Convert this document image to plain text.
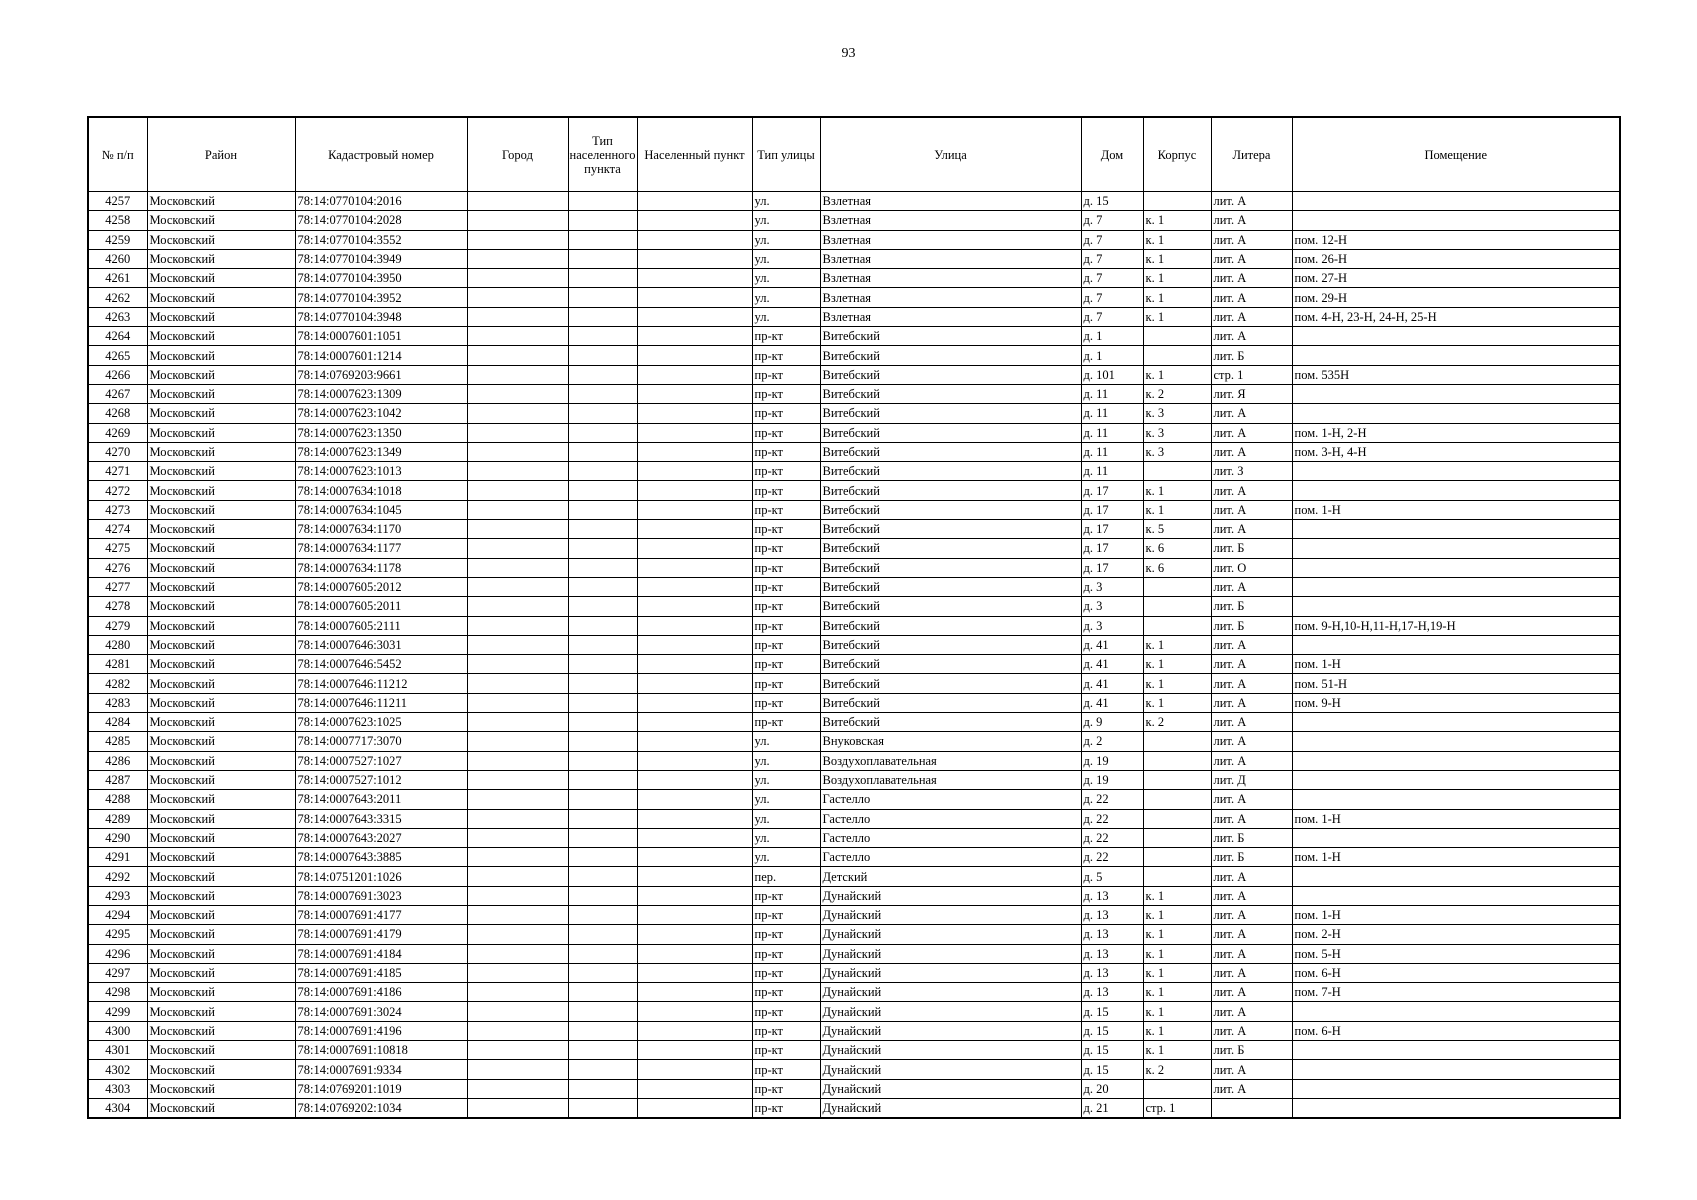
93
№ п/п	Район	Кадастровый номер	Город	Тип населенного пункта	Населенный пункт	Тип улицы	Улица	Дом	Корпус	Литера	Помещение
4257	Московский	78:14:0770104:2016				ул.	Взлетная	д. 15		лит. А	
4258	Московский	78:14:0770104:2028				ул.	Взлетная	д. 7	к. 1	лит. А	
4259	Московский	78:14:0770104:3552				ул.	Взлетная	д. 7	к. 1	лит. А	пом. 12-Н
4260	Московский	78:14:0770104:3949				ул.	Взлетная	д. 7	к. 1	лит. А	пом. 26-Н
4261	Московский	78:14:0770104:3950				ул.	Взлетная	д. 7	к. 1	лит. А	пом. 27-Н
4262	Московский	78:14:0770104:3952				ул.	Взлетная	д. 7	к. 1	лит. А	пом. 29-Н
4263	Московский	78:14:0770104:3948				ул.	Взлетная	д. 7	к. 1	лит. А	пом. 4-Н, 23-Н, 24-Н, 25-Н
4264	Московский	78:14:0007601:1051				пр-кт	Витебский	д. 1		лит. А	
4265	Московский	78:14:0007601:1214				пр-кт	Витебский	д. 1		лит. Б	
4266	Московский	78:14:0769203:9661				пр-кт	Витебский	д. 101	к. 1	стр. 1	пом. 535Н
4267	Московский	78:14:0007623:1309				пр-кт	Витебский	д. 11	к. 2	лит. Я	
4268	Московский	78:14:0007623:1042				пр-кт	Витебский	д. 11	к. 3	лит. А	
4269	Московский	78:14:0007623:1350				пр-кт	Витебский	д. 11	к. 3	лит. А	пом. 1-Н, 2-Н
4270	Московский	78:14:0007623:1349				пр-кт	Витебский	д. 11	к. 3	лит. А	пом. 3-Н, 4-Н
4271	Московский	78:14:0007623:1013				пр-кт	Витебский	д. 11		лит. З	
4272	Московский	78:14:0007634:1018				пр-кт	Витебский	д. 17	к. 1	лит. А	
4273	Московский	78:14:0007634:1045				пр-кт	Витебский	д. 17	к. 1	лит. А	пом. 1-Н
4274	Московский	78:14:0007634:1170				пр-кт	Витебский	д. 17	к. 5	лит. А	
4275	Московский	78:14:0007634:1177				пр-кт	Витебский	д. 17	к. 6	лит. Б	
4276	Московский	78:14:0007634:1178				пр-кт	Витебский	д. 17	к. 6	лит. О	
4277	Московский	78:14:0007605:2012				пр-кт	Витебский	д. 3		лит. А	
4278	Московский	78:14:0007605:2011				пр-кт	Витебский	д. 3		лит. Б	
4279	Московский	78:14:0007605:2111				пр-кт	Витебский	д. 3		лит. Б	пом. 9-Н,10-Н,11-Н,17-Н,19-Н
4280	Московский	78:14:0007646:3031				пр-кт	Витебский	д. 41	к. 1	лит. А	
4281	Московский	78:14:0007646:5452				пр-кт	Витебский	д. 41	к. 1	лит. А	пом. 1-Н
4282	Московский	78:14:0007646:11212				пр-кт	Витебский	д. 41	к. 1	лит. А	пом. 51-Н
4283	Московский	78:14:0007646:11211				пр-кт	Витебский	д. 41	к. 1	лит. А	пом. 9-Н
4284	Московский	78:14:0007623:1025				пр-кт	Витебский	д. 9	к. 2	лит. А	
4285	Московский	78:14:0007717:3070				ул.	Внуковская	д. 2		лит. А	
4286	Московский	78:14:0007527:1027				ул.	Воздухоплавательная	д. 19		лит. А	
4287	Московский	78:14:0007527:1012				ул.	Воздухоплавательная	д. 19		лит. Д	
4288	Московский	78:14:0007643:2011				ул.	Гастелло	д. 22		лит. А	
4289	Московский	78:14:0007643:3315				ул.	Гастелло	д. 22		лит. А	пом. 1-Н
4290	Московский	78:14:0007643:2027				ул.	Гастелло	д. 22		лит. Б	
4291	Московский	78:14:0007643:3885				ул.	Гастелло	д. 22		лит. Б	пом. 1-Н
4292	Московский	78:14:0751201:1026				пер.	Детский	д. 5		лит. А	
4293	Московский	78:14:0007691:3023				пр-кт	Дунайский	д. 13	к. 1	лит. А	
4294	Московский	78:14:0007691:4177				пр-кт	Дунайский	д. 13	к. 1	лит. А	пом. 1-Н
4295	Московский	78:14:0007691:4179				пр-кт	Дунайский	д. 13	к. 1	лит. А	пом. 2-Н
4296	Московский	78:14:0007691:4184				пр-кт	Дунайский	д. 13	к. 1	лит. А	пом. 5-Н
4297	Московский	78:14:0007691:4185				пр-кт	Дунайский	д. 13	к. 1	лит. А	пом. 6-Н
4298	Московский	78:14:0007691:4186				пр-кт	Дунайский	д. 13	к. 1	лит. А	пом. 7-Н
4299	Московский	78:14:0007691:3024				пр-кт	Дунайский	д. 15	к. 1	лит. А	
4300	Московский	78:14:0007691:4196				пр-кт	Дунайский	д. 15	к. 1	лит. А	пом. 6-Н
4301	Московский	78:14:0007691:10818				пр-кт	Дунайский	д. 15	к. 1	лит. Б	
4302	Московский	78:14:0007691:9334				пр-кт	Дунайский	д. 15	к. 2	лит. А	
4303	Московский	78:14:0769201:1019				пр-кт	Дунайский	д. 20		лит. А	
4304	Московский	78:14:0769202:1034				пр-кт	Дунайский	д. 21	стр. 1		
